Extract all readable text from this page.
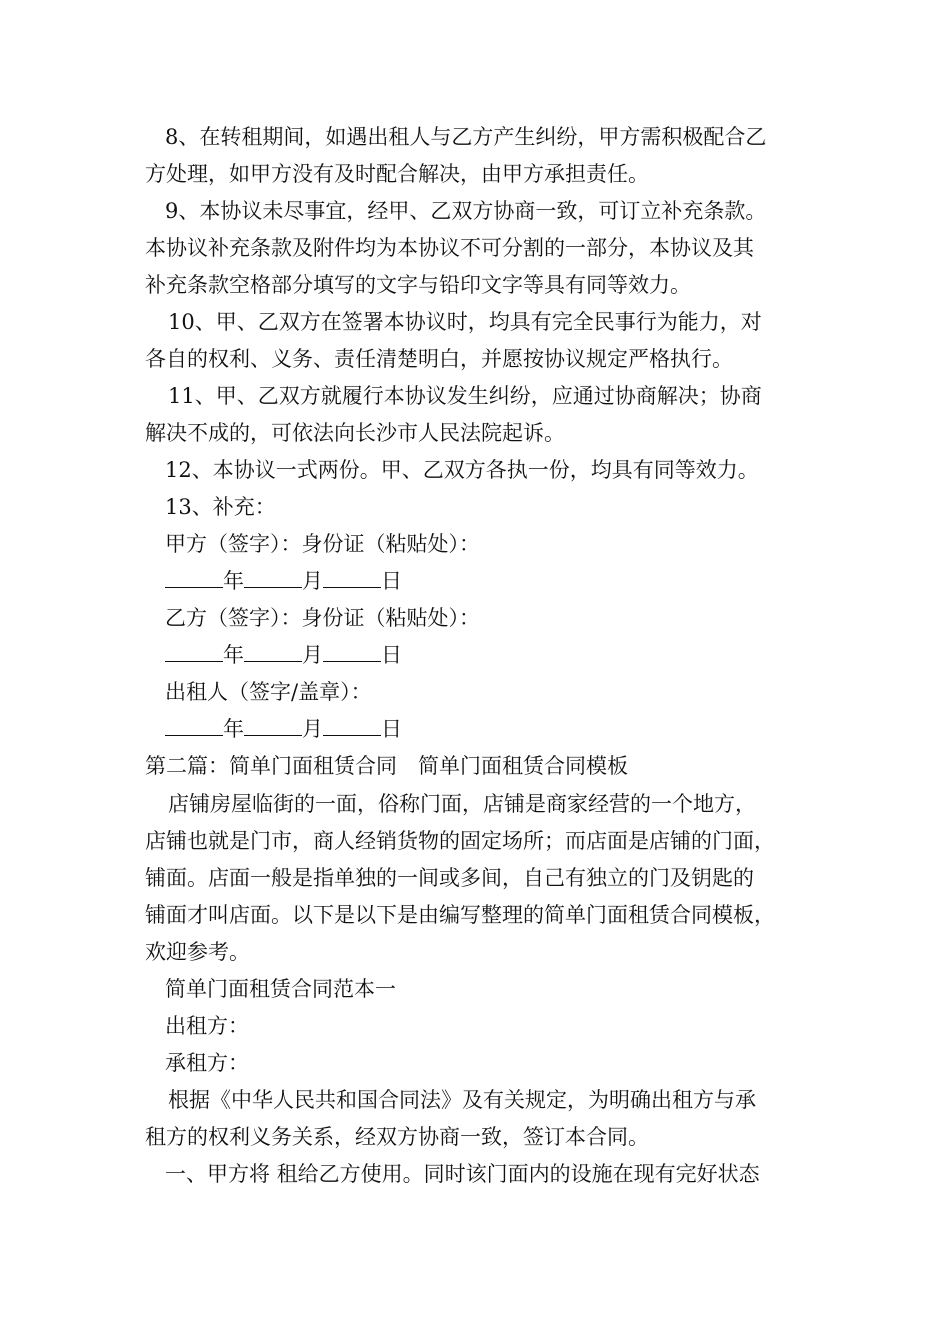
8、在转租期间，如遇出租人与乙方产生纠纷，甲方需积极配合乙
方处理，如甲方没有及时配合解决，由甲方承担责任。
9、本协议未尽事宜，经甲、乙双方协商一致，可订立补充条款。
本协议补充条款及附件均为本协议不可分割的一部分，本协议及其
补充条款空格部分填写的文字与铅印文字等具有同等效力。
10、甲、乙双方在签署本协议时，均具有完全民事行为能力，对
各自的权利、义务、责任清楚明白，并愿按协议规定严格执行。
11、甲、乙双方就履行本协议发生纠纷，应通过协商解决；协商
解决不成的，可依法向长沙市人民法院起诉。
12、本协议一式两份。甲、乙双方各执一份，均具有同等效力。
13、补充：
甲方（签字）：身份证（粘贴处）：
年	月	日
乙方（签字）：身份证（粘贴处）：
年	月	日
出租人（签字/盖章）：
年	月	日
第二篇：简单门面租赁合同　简单门面租赁合同模板
店铺房屋临街的一面，俗称门面，店铺是商家经营的一个地方，
店铺也就是门市，商人经销货物的固定场所；而店面是店铺的门面，
铺面。店面一般是指单独的一间或多间，自己有独立的门及钥匙的
铺面才叫店面。以下是以下是由编写整理的简单门面租赁合同模板，
欢迎参考。
简单门面租赁合同范本一
出租方：
承租方：
根据《中华人民共和国合同法》及有关规定，为明确出租方与承
租方的权利义务关系，经双方协商一致，签订本合同。
一、甲方将 租给乙方使用。同时该门面内的设施在现有完好状态
